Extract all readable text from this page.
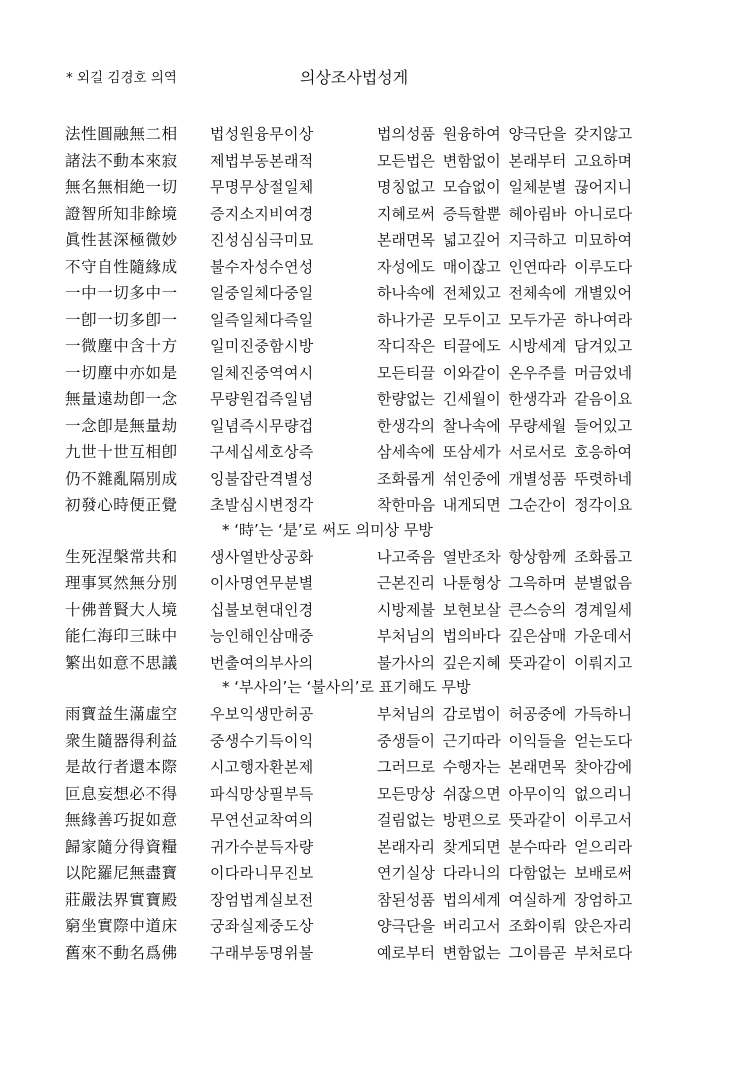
* 외길 김경호 의역	의상조사법성게
法性圓融無二相 법성원융무이상	법의성품 원융하여 양극단을 갖지않고
諸法不動本來寂 제법부동본래적	모든법은 변함없이 본래부터 고요하며
無名無相絶一切 무명무상절일체	명칭없고 모습없이 일체분별 끊어지니
證智所知非餘境 증지소지비여경	지혜로써 증득할뿐 헤아림바 아니로다
眞性甚深極微妙 진성심심극미묘	본래면목 넓고깊어 지극하고 미묘하여
不守自性隨緣成 불수자성수연성	자성에도 매이잖고 인연따라 이루도다
一中一切多中一 일중일체다중일	하나속에 전체있고 전체속에 개별있어
一卽一切多卽一 일즉일체다즉일	하나가곧 모두이고 모두가곧 하나여라
一微塵中含十方 일미진중함시방	작디작은 티끌에도 시방세계 담겨있고
一切塵中亦如是 일체진중역여시	모든티끌 이와같이 온우주를 머금었네
無量遠劫卽一念 무량원겁즉일념	한량없는 긴세월이 한생각과 같음이요
一念卽是無量劫 일념즉시무량겁	한생각의 찰나속에 무량세월 들어있고
九世十世互相卽 구세십세호상즉	삼세속에 또삼세가 서로서로 호응하여
仍不雜亂隔別成 잉불잡란격별성	조화롭게 섞인중에 개별성품 뚜렷하네
初發心時便正覺 초발심시변정각	착한마음 내게되면 그순간이 정각이요
* ‘時’는 ‘是’로 써도 의미상 무방
生死涅槃常共和 생사열반상공화	나고죽음 열반조차 항상함께 조화롭고
理事冥然無分別 이사명연무분별	근본진리 나툰형상 그윽하며 분별없음
十佛普賢大人境 십불보현대인경	시방제불 보현보살 큰스승의 경계일세
能仁海印三昧中 능인해인삼매중	부처님의 법의바다 깊은삼매 가운데서
繁出如意不思議 번출여의부사의	불가사의 깊은지혜 뜻과같이 이뤄지고
* ‘부사의’는 ‘불사의’로 표기해도 무방
雨寶益生滿虛空 우보익생만허공	부처님의 감로법이 허공중에 가득하니
衆生隨器得利益 중생수기득이익	중생들이 근기따라 이익들을 얻는도다
是故行者還本際 시고행자환본제	그러므로 수행자는 본래면목 찾아감에
叵息妄想必不得 파식망상필부득	모든망상 쉬잖으면 아무이익 없으리니
無緣善巧捉如意 무연선교착여의	걸림없는 방편으로 뜻과같이 이루고서
歸家隨分得資糧 귀가수분득자량	본래자리 찾게되면 분수따라 얻으리라
以陀羅尼無盡寶 이다라니무진보	연기실상 다라니의 다함없는 보배로써
莊嚴法界實寶殿 장엄법계실보전	참된성품 법의세계 여실하게 장엄하고
窮坐實際中道床 궁좌실제중도상	양극단을 버리고서 조화이뤄 앉은자리
舊來不動名爲佛 구래부동명위불	예로부터 변함없는 그이름곧 부처로다
